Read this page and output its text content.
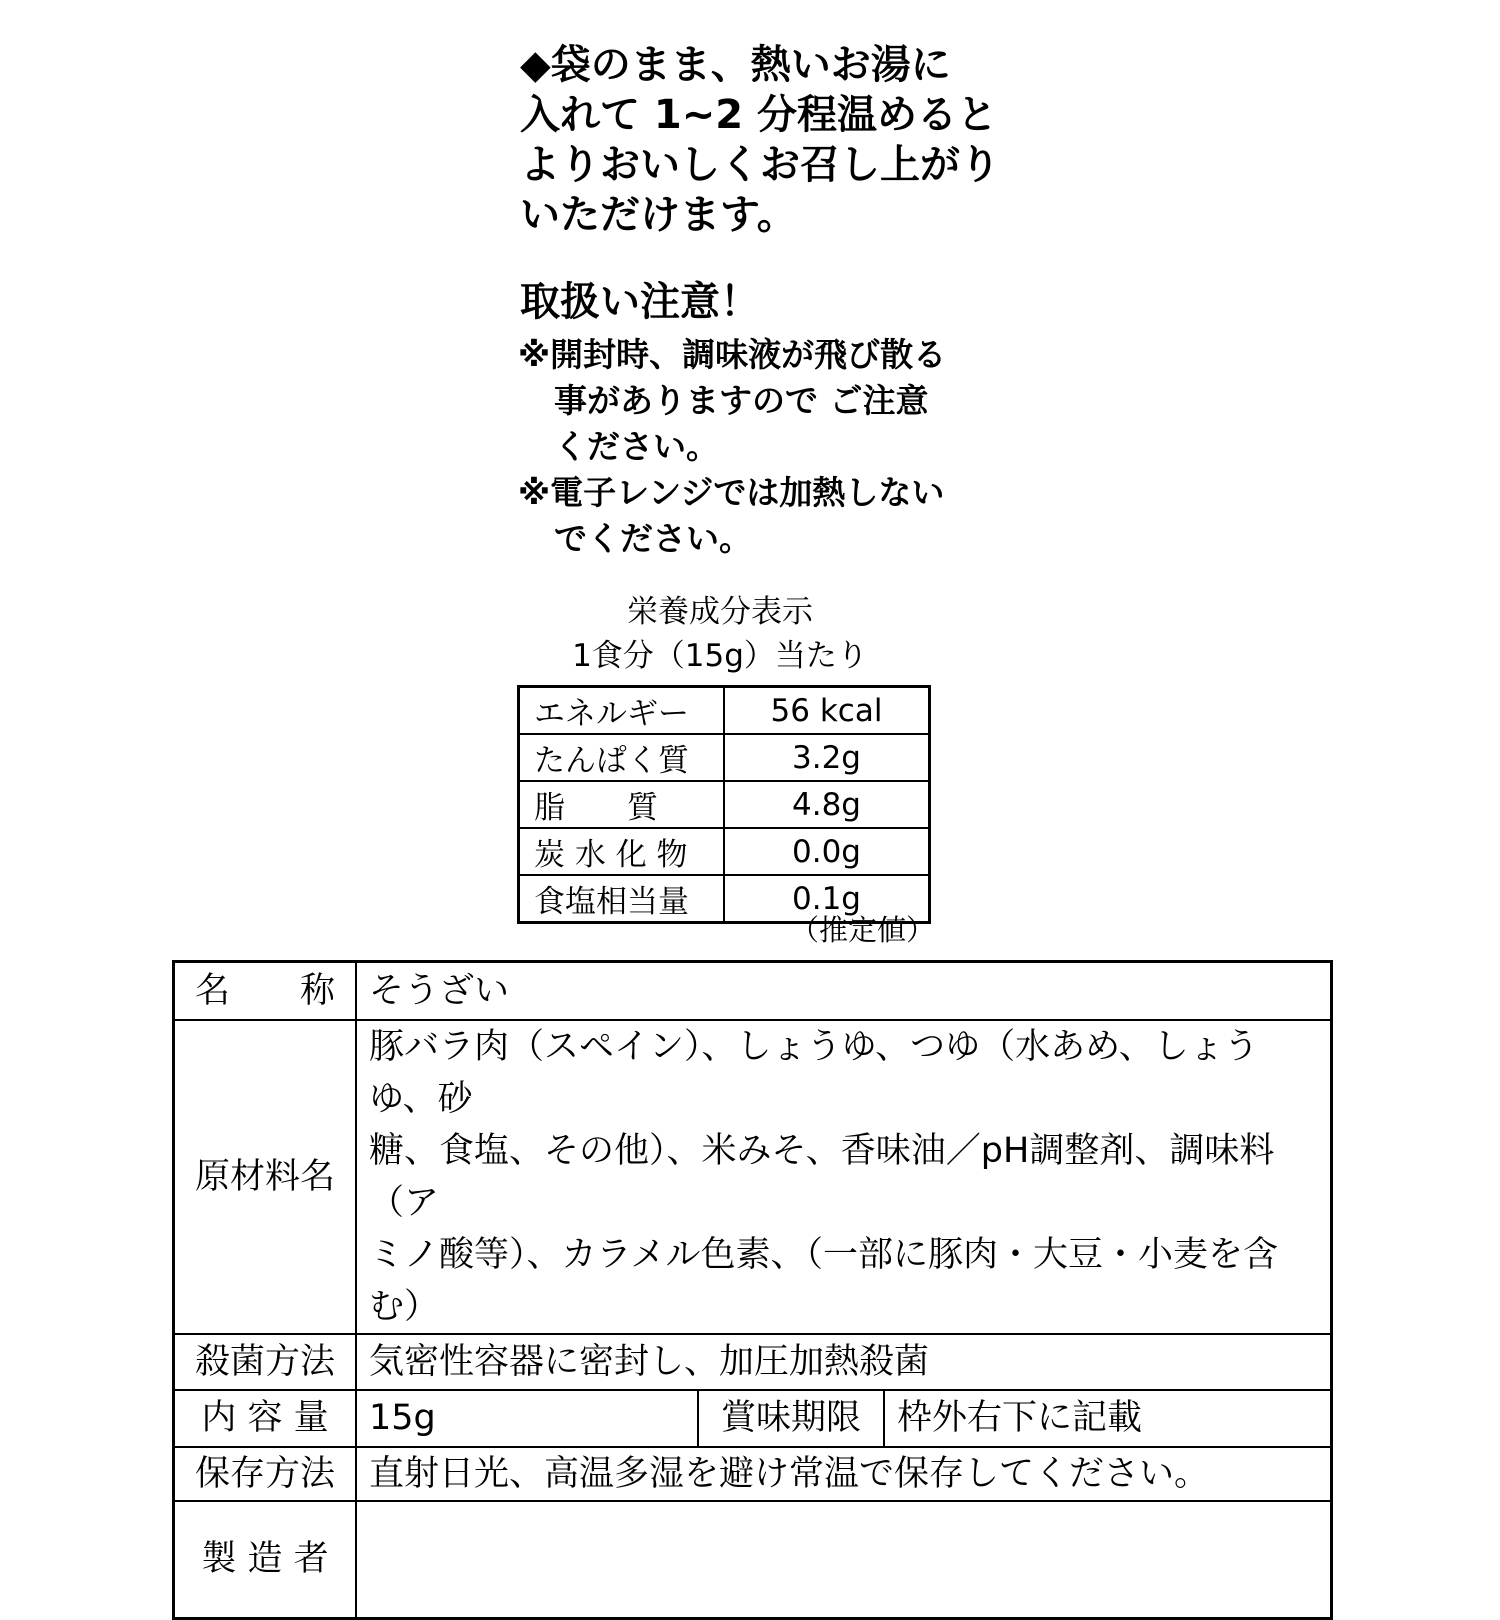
◆袋のまま、熱いお湯に
入れて 1~2 分程温めると
よりおいしくお召し上がり
いただけます。
取扱い注意！
※開封時、調味液が飛び散る
事がありますので ご注意
ください。
※電子レンジでは加熱しない
でください。
栄養成分表示
1食分（15g）当たり
エネルギー	56 kcal
たんぱく質	3.2g
脂　　質	4.8g
炭 水 化 物	0.0g
食塩相当量	0.1g
（推定値）
名　　称	そうざい		
原材料名	豚バラ肉（スペイン）、しょうゆ、つゆ（水あめ、しょうゆ、砂
糖、食塩、その他）、米みそ、香味油／pH調整剤、調味料（ア
ミノ酸等）、カラメル色素、（一部に豚肉・大豆・小麦を含む）		

殺菌方法	気密性容器に密封し、加圧加熱殺菌		
内 容 量	15g	賞味期限	枠外右下に記載
保存方法	直射日光、高温多湿を避け常温で保存してください。		
製 造 者			
